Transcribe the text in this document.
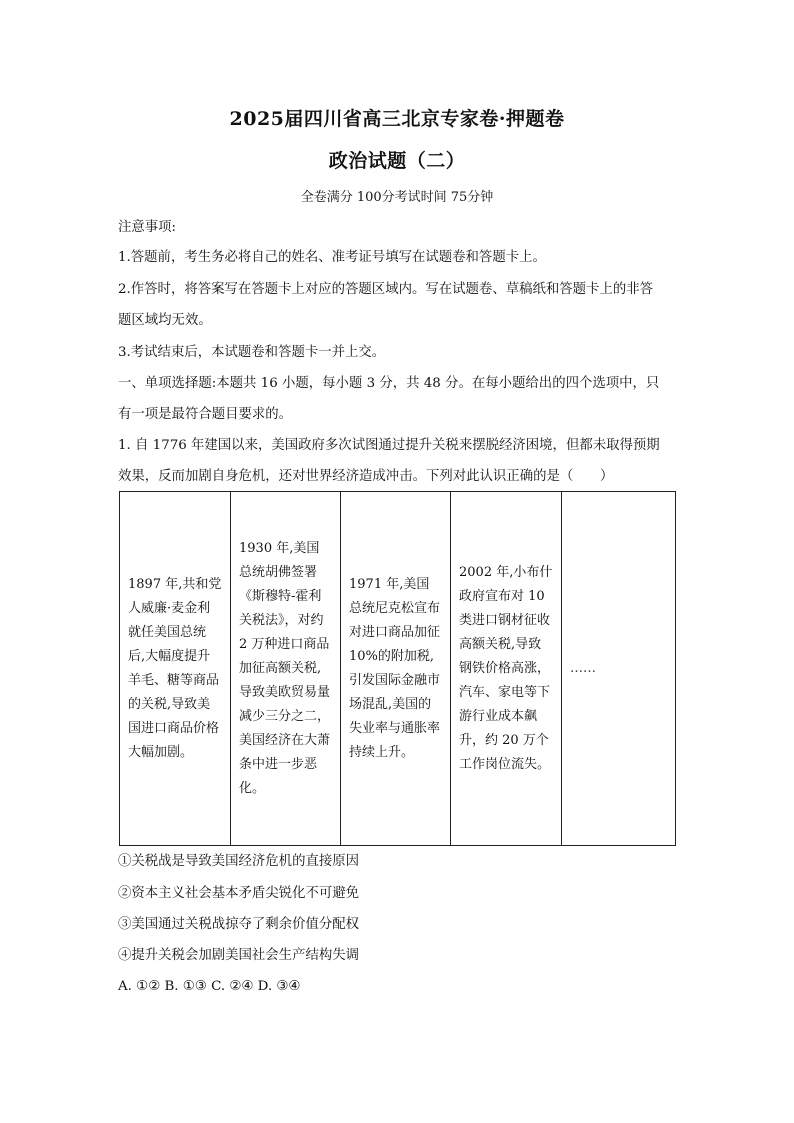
2025届四川省高三北京专家卷·押题卷
政治试题（二）
全卷满分 100分考试时间 75分钟
注意事项:
1.答题前，考生务必将自己的姓名、准考证号填写在试题卷和答题卡上。
2.作答时，将答案写在答题卡上对应的答题区域内。写在试题卷、草稿纸和答题卡上的非答
题区域均无效。
3.考试结束后，本试题卷和答题卡一并上交。
一、单项选择题:本题共 16 小题，每小题 3 分，共 48 分。在每小题给出的四个选项中，只
有一项是最符合题目要求的。
1. 自 1776 年建国以来，美国政府多次试图通过提升关税来摆脱经济困境，但都未取得预期
效果，反而加剧自身危机，还对世界经济造成冲击。下列对此认识正确的是（　　）
1897 年,共和党人威廉·麦金利就任美国总统后,大幅度提升羊毛、糖等商品的关税,导致美国进口商品价格大幅加剧。	1930 年,美国总统胡佛签署《斯穆特-霍利关税法》，对约 2 万种进口商品加征高额关税,导致美欧贸易量减少三分之二，美国经济在大萧条中进一步恶化。	1971 年,美国总统尼克松宣布对进口商品加征 10%的附加税,引发国际金融市场混乱,美国的失业率与通胀率持续上升。	2002 年,小布什政府宣布对 10 类进口钢材征收高额关税,导致钢铁价格高涨，汽车、家电等下游行业成本飙升，约 20 万个工作岗位流失。	……
①关税战是导致美国经济危机的直接原因
②资本主义社会基本矛盾尖锐化不可避免
③美国通过关税战掠夺了剩余价值分配权
④提升关税会加剧美国社会生产结构失调
A. ①② B. ①③ C. ②④ D. ③④
